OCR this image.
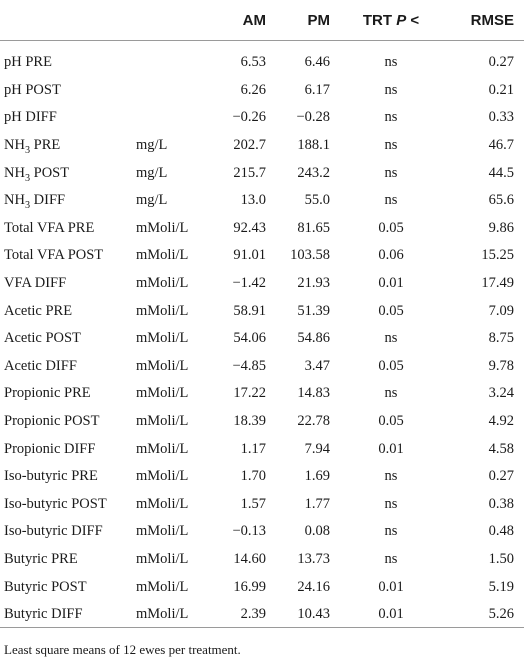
		AM	PM	TRT P <	RMSE
pH PRE		6.53	6.46	ns	0.27
pH POST		6.26	6.17	ns	0.21
pH DIFF		−0.26	−0.28	ns	0.33
$NH_3$ PRE	mg/L	202.7	188.1	ns	46.7
$NH_3$ POST	mg/L	215.7	243.2	ns	44.5
$NH_3$ DIFF	mg/L	13.0	55.0	ns	65.6
Total VFA PRE	mMoli/L	92.43	81.65	0.05	9.86
Total VFA POST	mMoli/L	91.01	103.58	0.06	15.25
VFA DIFF	mMoli/L	−1.42	21.93	0.01	17.49
Acetic PRE	mMoli/L	58.91	51.39	0.05	7.09
Acetic POST	mMoli/L	54.06	54.86	ns	8.75
Acetic DIFF	mMoli/L	−4.85	3.47	0.05	9.78
Propionic PRE	mMoli/L	17.22	14.83	ns	3.24
Propionic POST	mMoli/L	18.39	22.78	0.05	4.92
Propionic DIFF	mMoli/L	1.17	7.94	0.01	4.58
Iso-butyric PRE	mMoli/L	1.70	1.69	ns	0.27
Iso-butyric POST	mMoli/L	1.57	1.77	ns	0.38
Iso-butyric DIFF	mMoli/L	−0.13	0.08	ns	0.48
Butyric PRE	mMoli/L	14.60	13.73	ns	1.50
Butyric POST	mMoli/L	16.99	24.16	0.01	5.19
Butyric DIFF	mMoli/L	2.39	10.43	0.01	5.26
Least square means of 12 ewes per treatment.
